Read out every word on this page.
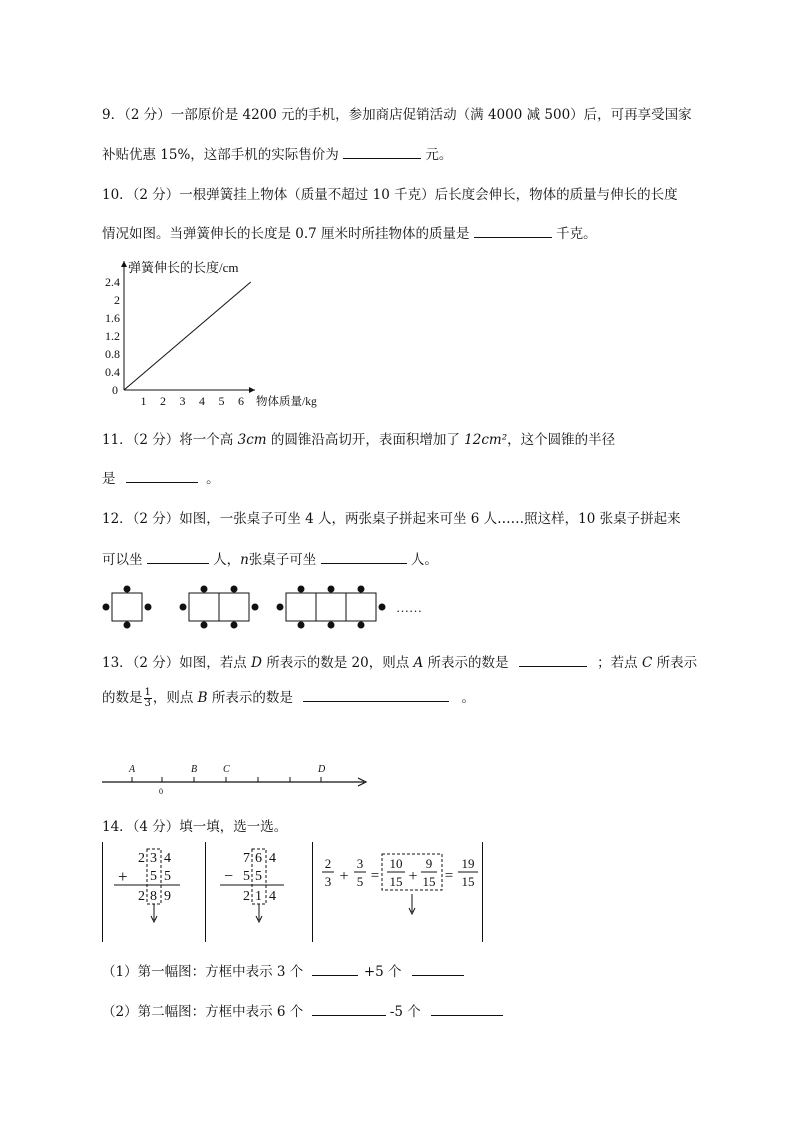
9．（2 分）一部原价是 4200 元的手机，参加商店促销活动（满 4000 减 500）后，可再享受国家
补贴优惠 15%，这部手机的实际售价为	元。
10．（2 分）一根弹簧挂上物体（质量不超过 10 千克）后长度会伸长，物体的质量与伸长的长度
情况如图。当弹簧伸长的长度是 0.7 厘米时所挂物体的质量是	千克。
弹簧伸长的长度/cm
物体质量/kg
0
2.4
2
1.6
1.2
0.8
0.4
1 2 3 4 5 6
11．（2 分）将一个高 3cm 的圆锥沿高切开，表面积增加了 12cm²，这个圆锥的半径
是	。
12．（2 分）如图，一张桌子可坐 4 人，两张桌子拼起来可坐 6 人……照这样，10 张桌子拼起来
可以坐	人，n张桌子可坐	人。
……
13．（2 分）如图，若点 D 所表示的数是 20，则点 A 所表示的数是	；若点 C 所表示
的数是 $\frac{1}{3}$ ，则点 B 所表示的数是	。
A	B	C	D
0
14．（4 分）填一填，选一选。
2 3 4
+ 5 5
2 8 9
7 6 4
− 5 5
2 1 4
2
3 +
3
5 =
10
15 +
9
15 =
19
15
（1）第一幅图：方框中表示 3 个	+5 个
（2）第二幅图：方框中表示 6 个	-5 个
